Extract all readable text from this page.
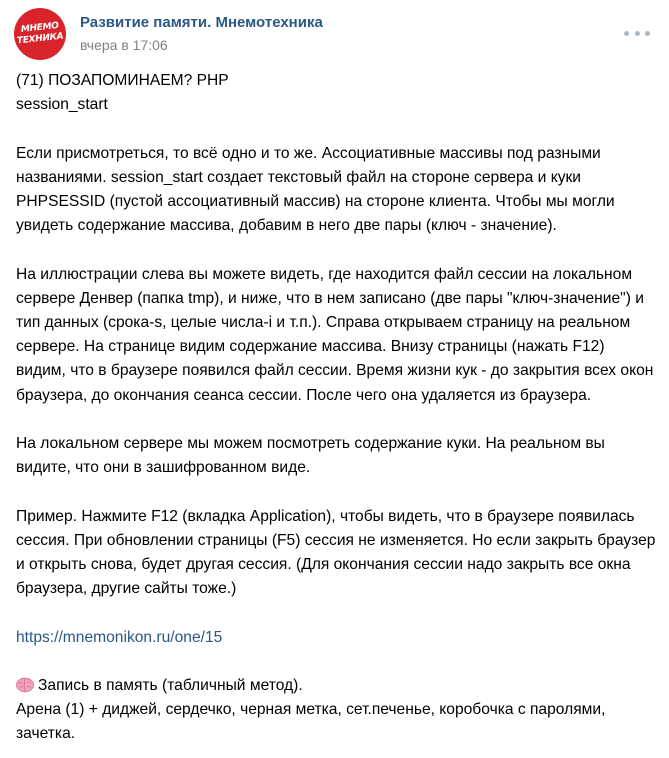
МНЕМО
ТЕХНИКА
Развитие памяти. Мнемотехника
вчера в 17:06

(71) ПОЗАПОМИНАЕМ? PHP

session_start

Если присмотреться, то всё одно и то же. Ассоциативные массивы под разными названиями. session_start создает текстовый файл на стороне сервера и куки PHPSESSID (пустой ассоциативный массив) на стороне клиента. Чтобы мы могли увидеть содержание массива, добавим в него две пары (ключ - значение).

На иллюстрации слева вы можете видеть, где находится файл сессии на локальном сервере Денвер (папка tmp), и ниже, что в нем записано (две пары "ключ-значение") и тип данных (срока-s, целые числа-i и т.п.). Справа открываем страницу на реальном сервере. На странице видим содержание массива. Внизу страницы (нажать F12) видим, что в браузере появился файл сессии. Время жизни кук - до закрытия всех окон браузера, до окончания сеанса сессии. После чего она удаляется из браузера.

На локальном сервере мы можем посмотреть содержание куки. На реальном вы видите, что они в зашифрованном виде.

Пример. Нажмите F12 (вкладка Application), чтобы видеть, что в браузере появилась сессия. При обновлении страницы (F5) сессия не изменяется. Но если закрыть браузер и открыть снова, будет другая сессия. (Для окончания сессии надо закрыть все окна браузера, другие сайты тоже.)

https://mnemonikon.ru/one/15

Запись в память (табличный метод).

Арена (1) + диджей, сердечко, черная метка, сет.печенье, коробочка с паролями, зачетка.
